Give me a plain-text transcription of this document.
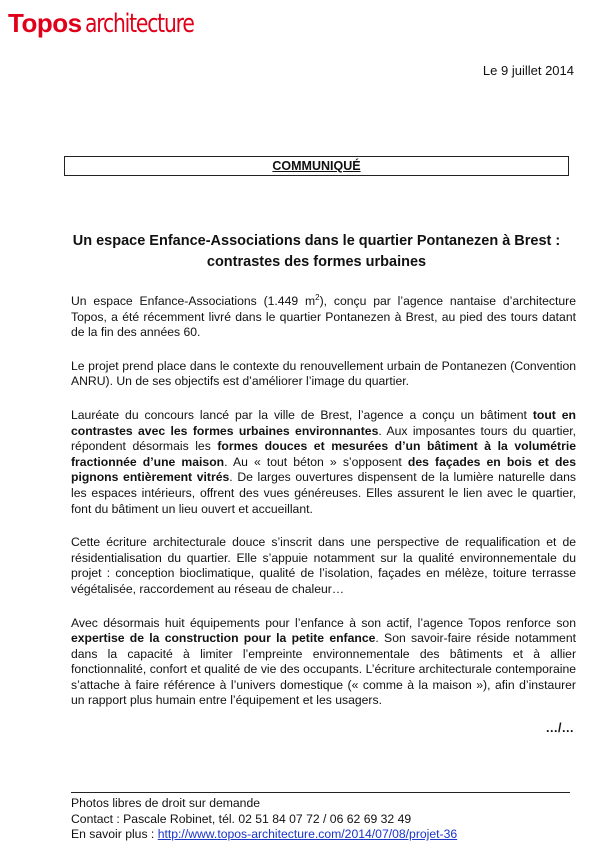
Topos architecture
Le 9 juillet 2014
COMMUNIQUÉ
Un espace Enfance-Associations dans le quartier Pontanezen à Brest :
contrastes des formes urbaines

Un espace Enfance-Associations (1.449 $m^2$), conçu par l’agence nantaise d’architecture Topos, a été récemment livré dans le quartier Pontanezen à Brest, au pied des tours datant de la fin des années 60.

Le projet prend place dans le contexte du renouvellement urbain de Pontanezen (Convention ANRU). Un de ses objectifs est d’améliorer l’image du quartier.

Lauréate du concours lancé par la ville de Brest, l’agence a conçu un bâtiment tout en contrastes avec les formes urbaines environnantes. Aux imposantes tours du quartier, répondent désormais les formes douces et mesurées d’un bâtiment à la volumétrie fractionnée d’une maison. Au « tout béton » s’opposent des façades en bois et des pignons entièrement vitrés. De larges ouvertures dispensent de la lumière naturelle dans les espaces intérieurs, offrent des vues généreuses. Elles assurent le lien avec le quartier, font du bâtiment un lieu ouvert et accueillant.

Cette écriture architecturale douce s’inscrit dans une perspective de requalification et de résidentialisation du quartier. Elle s’appuie notamment sur la qualité environnementale du projet : conception bioclimatique, qualité de l’isolation, façades en mélèze, toiture terrasse végétalisée, raccordement au réseau de chaleur…

Avec désormais huit équipements pour l’enfance à son actif, l’agence Topos renforce son expertise de la construction pour la petite enfance. Son savoir-faire réside notamment dans la capacité à limiter l’empreinte environnementale des bâtiments et à allier fonctionnalité, confort et qualité de vie des occupants. L’écriture architecturale contemporaine s’attache à faire référence à l’univers domestique (« comme à la maison »), afin d’instaurer un rapport plus humain entre l’équipement et les usagers.

…/…
Photos libres de droit sur demande
Contact : Pascale Robinet, tél. 02 51 84 07 72 / 06 62 69 32 49
En savoir plus : http://www.topos-architecture.com/2014/07/08/projet-36
